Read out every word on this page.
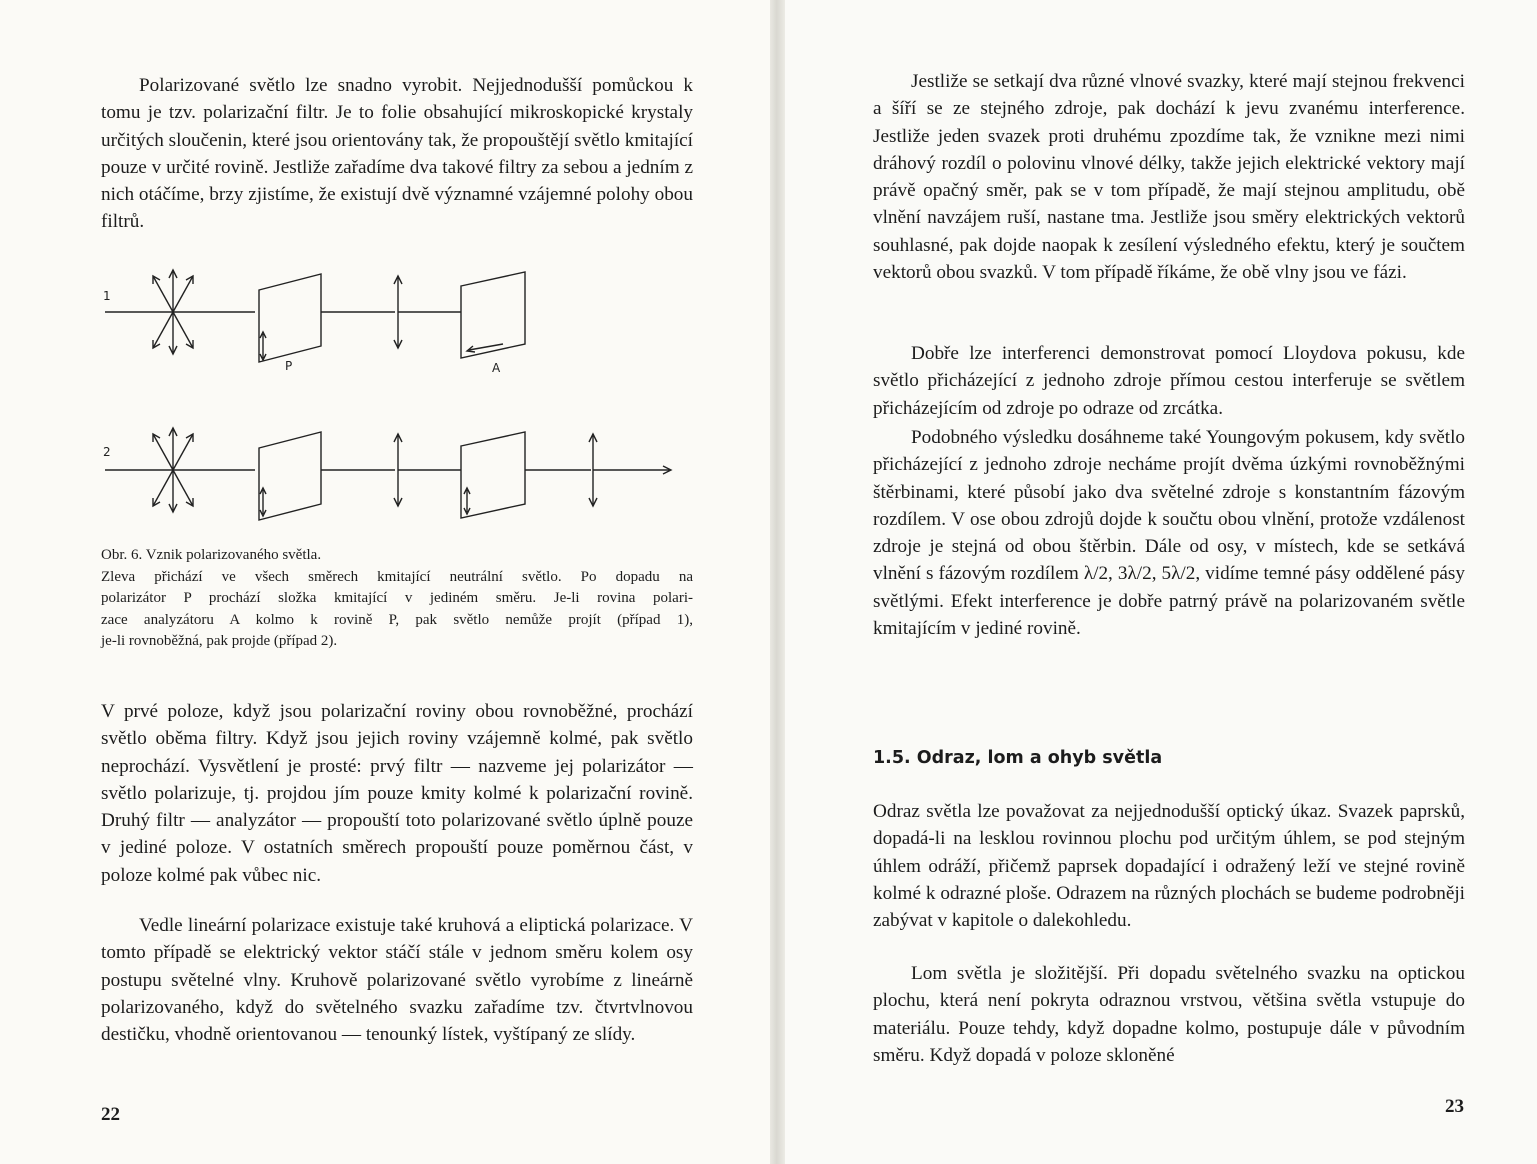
Polarizované světlo lze snadno vyrobit. Nejjednodušší pomůckou k tomu je tzv. polarizační filtr. Je to folie obsahující mikroskopické krystaly určitých sloučenin, které jsou orientovány tak, že propouštějí světlo kmitající pouze v určité rovině. Jestliže zařadíme dva takové filtry za sebou a jedním z nich otáčíme, brzy zjistíme, že existují dvě významné vzájemné polohy obou filtrů.

1
P	A
2
Obr. 6. Vznik polarizovaného světla.
Zleva přichází ve všech směrech kmitající neutrální světlo. Po dopadu na
polarizátor P prochází složka kmitající v jediném směru. Je-li rovina polari-
zace analyzátoru A kolmo k rovině P, pak světlo nemůže projít (případ 1),
je-li rovnoběžná, pak projde (případ 2).

V prvé poloze, když jsou polarizační roviny obou rovnoběžné, prochází světlo oběma filtry. Když jsou jejich roviny vzájemně kolmé, pak světlo neprochází. Vysvětlení je prosté: prvý filtr — nazveme jej polarizátor — světlo polarizuje, tj. projdou jím pouze kmity kolmé k polarizační rovině. Druhý filtr — analyzátor — propouští toto polarizované světlo úplně pouze v jediné poloze. V ostatních směrech propouští pouze poměrnou část, v poloze kolmé pak vůbec nic.

Vedle lineární polarizace existuje také kruhová a eliptická polarizace. V tomto případě se elektrický vektor stáčí stále v jednom směru kolem osy postupu světelné vlny. Kruhově polarizované světlo vyrobíme z lineárně polarizovaného, když do světelného svazku zařadíme tzv. čtvrtvlnovou destičku, vhodně orientovanou — tenounký lístek, vyštípaný ze slídy.

22

Jestliže se setkají dva různé vlnové svazky, které mají stejnou frekvenci a šíří se ze stejného zdroje, pak dochází k jevu zvanému interference. Jestliže jeden svazek proti druhému zpozdíme tak, že vznikne mezi nimi dráhový rozdíl o polovinu vlnové délky, takže jejich elektrické vektory mají právě opačný směr, pak se v tom případě, že mají stejnou amplitudu, obě vlnění navzájem ruší, nastane tma. Jestliže jsou směry elektrických vektorů souhlasné, pak dojde naopak k zesílení výsledného efektu, který je součtem vektorů obou svazků. V tom případě říkáme, že obě vlny jsou ve fázi.

Dobře lze interferenci demonstrovat pomocí Lloydova pokusu, kde světlo přicházející z jednoho zdroje přímou cestou interferuje se světlem přicházejícím od zdroje po odraze od zrcátka.

Podobného výsledku dosáhneme také Youngovým pokusem, kdy světlo přicházející z jednoho zdroje necháme projít dvěma úzkými rovnoběžnými štěrbinami, které působí jako dva světelné zdroje s konstantním fázovým rozdílem. V ose obou zdrojů dojde k součtu obou vlnění, protože vzdálenost zdroje je stejná od obou štěrbin. Dále od osy, v místech, kde se setkává vlnění s fázovým rozdílem λ/2, 3λ/2, 5λ/2, vidíme temné pásy oddělené pásy světlými. Efekt interference je dobře patrný právě na polarizovaném světle kmitajícím v jediné rovině.

Odraz světla lze považovat za nejjednodušší optický úkaz. Svazek paprsků, dopadá-li na lesklou rovinnou plochu pod určitým úhlem, se pod stejným úhlem odráží, přičemž paprsek dopadající i odražený leží ve stejné rovině kolmé k odrazné ploše. Odrazem na různých plochách se budeme podrobněji zabývat v kapitole o dalekohledu.

Lom světla je složitější. Při dopadu světelného svazku na optickou plochu, která není pokryta odraznou vrstvou, většina světla vstupuje do materiálu. Pouze tehdy, když dopadne kolmo, postupuje dále v původním směru. Když dopadá v poloze skloněné

23
1.5. Odraz, lom a ohyb světla
